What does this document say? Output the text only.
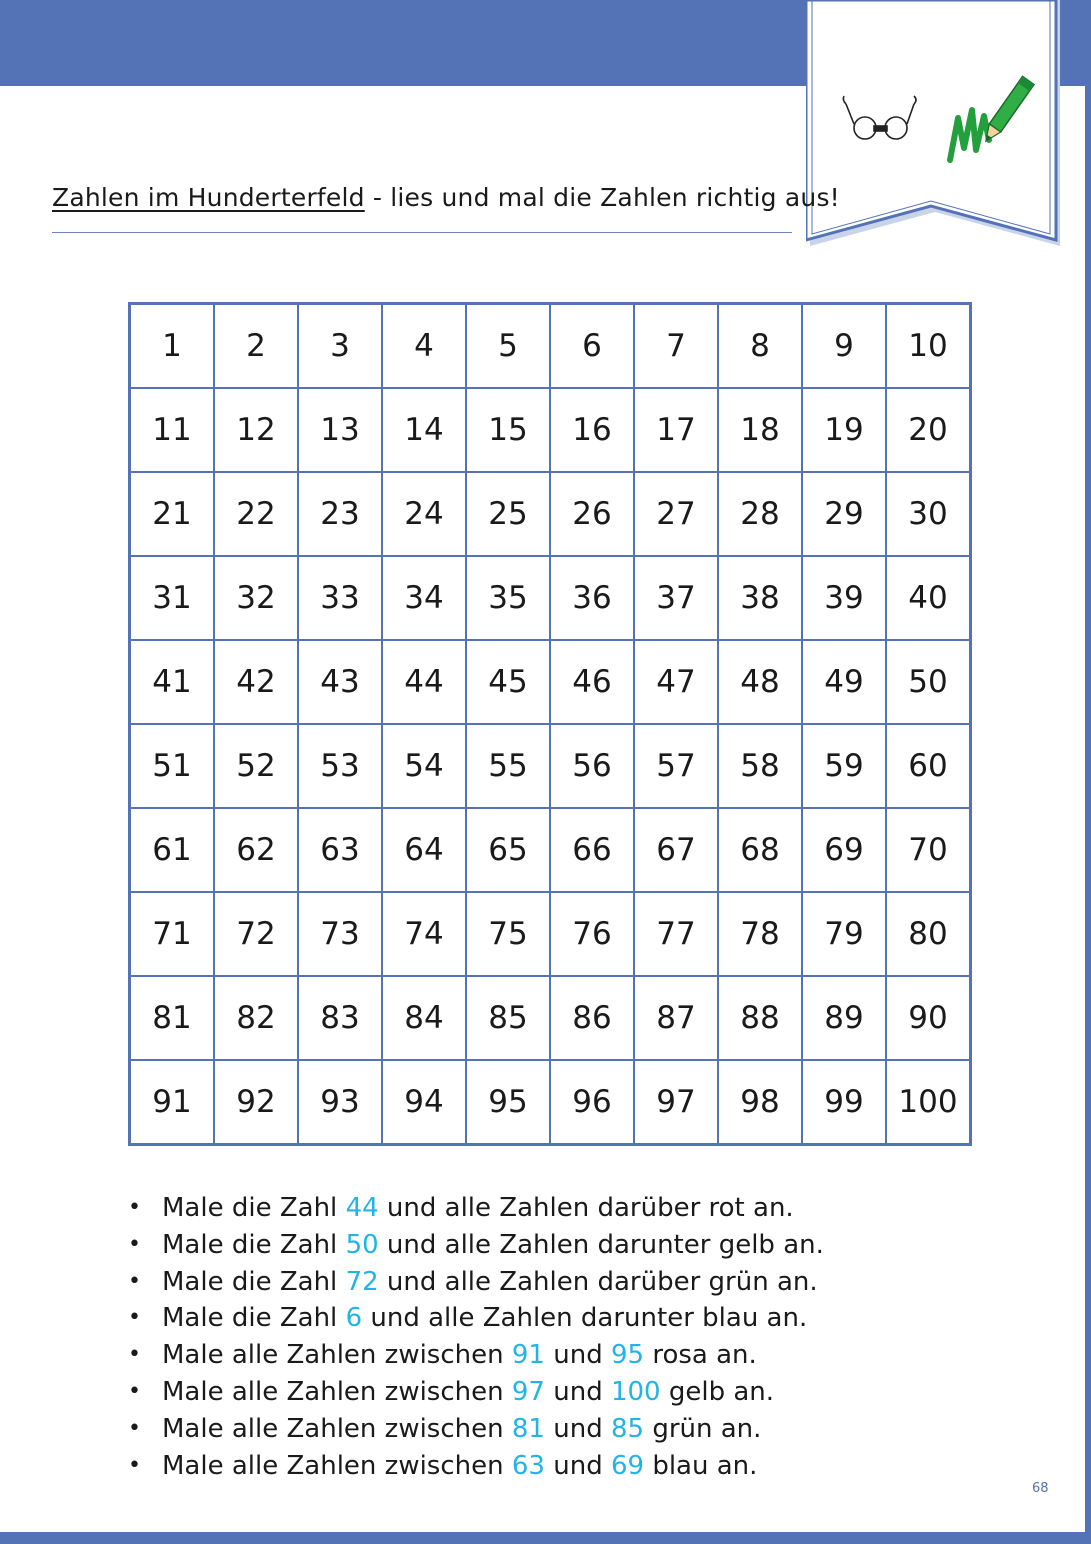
Zahlen im Hunderterfeld - lies und mal die Zahlen richtig aus!
1	2	3	4	5	6	7	8	9	10
11	12	13	14	15	16	17	18	19	20
21	22	23	24	25	26	27	28	29	30
31	32	33	34	35	36	37	38	39	40
41	42	43	44	45	46	47	48	49	50
51	52	53	54	55	56	57	58	59	60
61	62	63	64	65	66	67	68	69	70
71	72	73	74	75	76	77	78	79	80
81	82	83	84	85	86	87	88	89	90
91	92	93	94	95	96	97	98	99	100
• Male die Zahl 44 und alle Zahlen darüber rot an.
• Male die Zahl 50 und alle Zahlen darunter gelb an.
• Male die Zahl 72 und alle Zahlen darüber grün an.
• Male die Zahl 6 und alle Zahlen darunter blau an.
• Male alle Zahlen zwischen 91 und 95 rosa an.
• Male alle Zahlen zwischen 97 und 100 gelb an.
• Male alle Zahlen zwischen 81 und 85 grün an.
• Male alle Zahlen zwischen 63 und 69 blau an.
68
